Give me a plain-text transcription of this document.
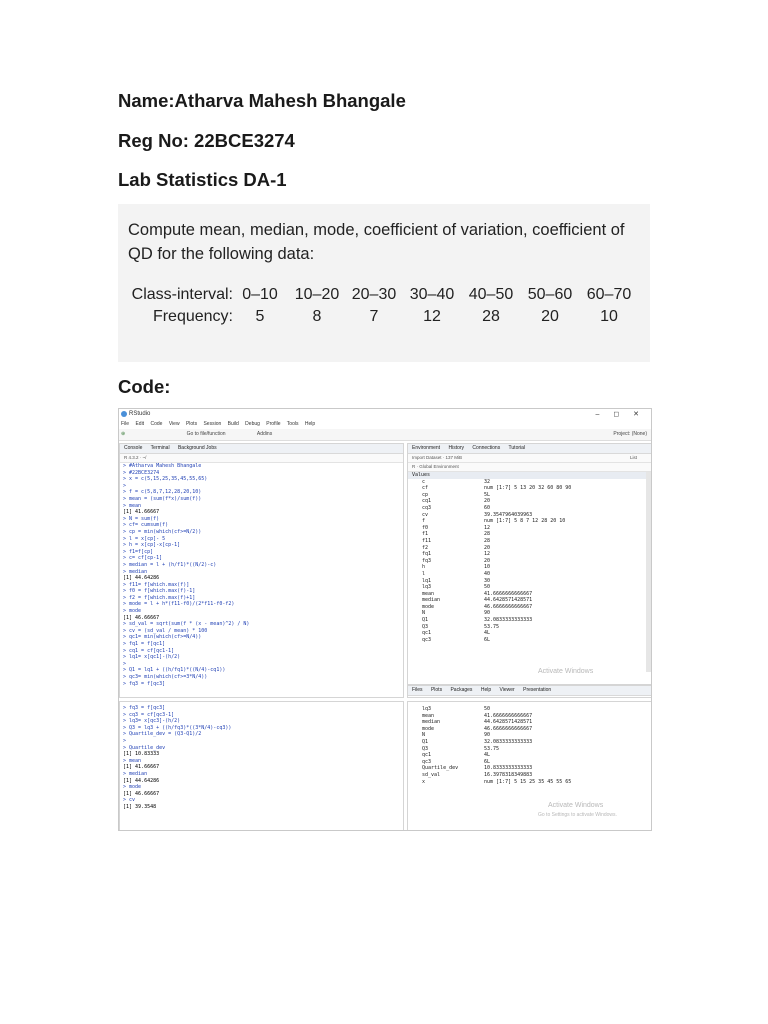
Name:Atharva Mahesh Bhangale
Reg No: 22BCE3274
Lab Statistics DA-1
Compute mean, median, mode, coefficient of variation, coefficient of
QD for the following data:
Class-interval: 0–10	10–20 20–30 30–40 40–50 50–60 60–70
Frequency:	5	8	7	12	28	20	10
Code:
RStudio	– ◻ ✕
File Edit Code View Plots Session Build Debug Profile Tools Help
⊕	Go to file/function	Addins	Project: (None)
Console Terminal Background Jobs
R 4.3.2 · ~/
> #Atharva Mahesh Bhangale
> #22BCE3274
> x = c(5,15,25,35,45,55,65)
>
> f = c(5,8,7,12,28,20,10)
> mean = (sum(f*x)/sum(f))
> mean
[1] 41.66667
> N = sum(f)
> cf= cumsum(f)
> cp = min(which(cf>=N/2))
> l = x[cp]- 5
> h = x[cp]-x[cp-1]
> f1=f[cp]
> c= cf[cp-1]
> median = l + (h/f1)*((N/2)-c)
> median
[1] 44.64286
> f11= f[which.max(f)]
> f0 = f[which.max(f)-1]
> f2 = f[which.max(f)+1]
> mode = l + h*(f11-f0)/(2*f11-f0-f2)
> mode
[1] 46.66667
> sd_val = sqrt(sum(f * (x - mean)^2) / N)
> cv = (sd_val / mean) * 100
> qc1= min(which(cf>=N/4))
> fq1 = f[qc1]
> cq1 = cf[qc1-1]
> lq1= x[qc1]-(h/2)
>
> Q1 = lq1 + ((h/fq1)*((N/4)-cq1))
> qc3= min(which(cf>=3*N/4))
> fq3 = f[qc3]
> fq3 = f[qc3]
> cq3 = cf[qc3-1]
> lq3= x[qc3]-(h/2)
> Q3 = lq3 + ((h/fq3)*((3*N/4)-cq3))
> Quartile_dev = (Q3-Q1)/2
>
> Quartile_dev
[1] 10.83333
> mean
[1] 41.66667
> median
[1] 44.64286
> mode
[1] 46.66667
> cv
[1] 39.3548
Environment History Connections Tutorial
Import Dataset · 137 MiB	List
R · Global Environment
Values
c	32
cf	num [1:7] 5 13 20 32 60 80 90
cp	5L
cq1	20
cq3	60
cv	39.3547964039963
f	num [1:7] 5 8 7 12 28 20 10
f0	12
f1	28
f11	28
f2	20
fq1	12
fq3	20
h	10
l	40
lq1	30
lq3	50
mean	41.6666666666667
median	44.6428571428571
mode	46.6666666666667
N	90
Q1	32.0833333333333
Q3	53.75
qc1	4L
qc3	6L
Activate Windows
Files Plots Packages Help Viewer Presentation
lq3	50
mean	41.6666666666667
median	44.6428571428571
mode	46.6666666666667
N	90
Q1	32.0833333333333
Q3	53.75
qc1	4L
qc3	6L
Quartile_dev	10.8333333333333
sd_val	16.3978318349883
x	num [1:7] 5 15 25 35 45 55 65
Activate Windows
Go to Settings to activate Windows.
